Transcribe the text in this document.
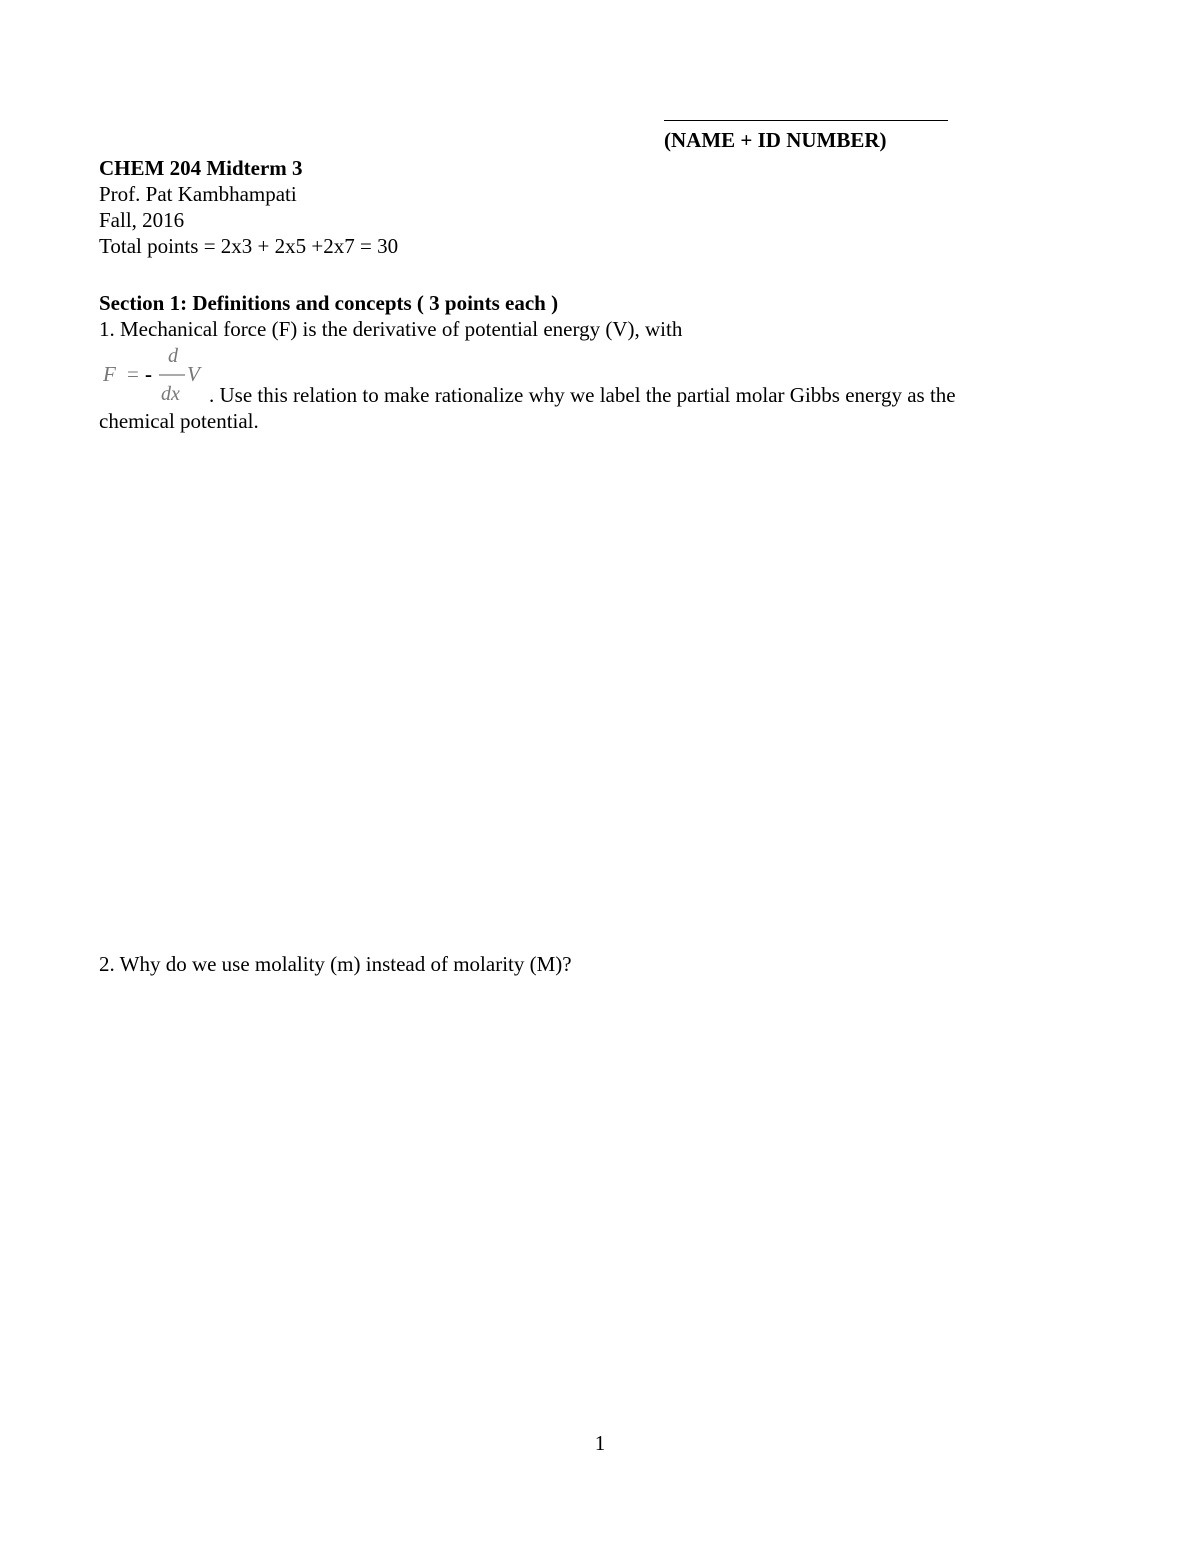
(NAME + ID NUMBER)
CHEM 204 Midterm 3
Prof. Pat Kambhampati
Fall, 2016
Total points = 2x3 + 2x5 +2x7 = 30
Section 1: Definitions and concepts ( 3 points each )
1. Mechanical force (F) is the derivative of potential energy (V), with
F = -
d
dx
V
. Use this relation to make rationalize why we label the partial molar Gibbs energy as the
chemical potential.
2. Why do we use molality (m) instead of molarity (M)?
1
